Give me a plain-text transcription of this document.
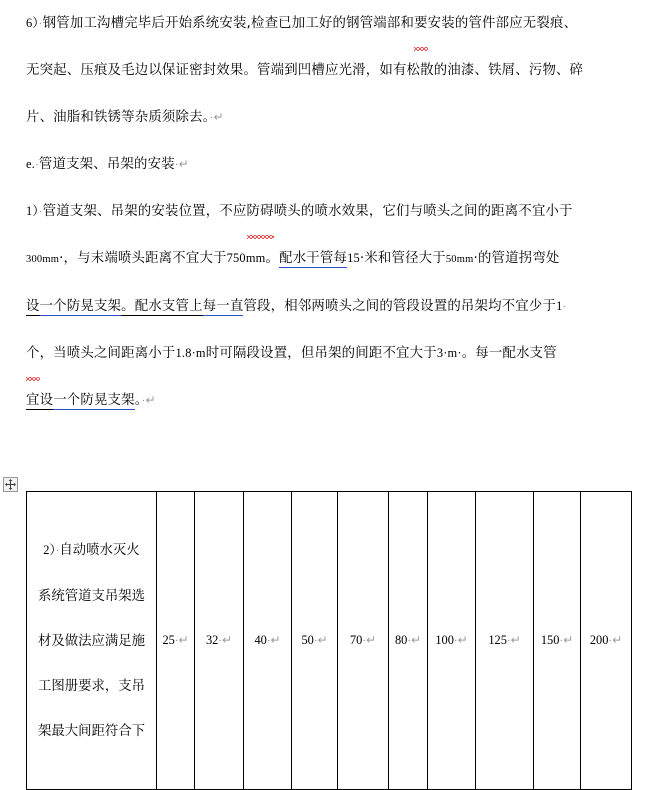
6）·钢管加工沟槽完毕后开始系统安装,检查已加工好的钢管端部和要安装的管件部应无裂痕、

无突起、压痕及毛边以保证密封效果。管端到凹槽应光滑，如有松散的油漆、铁屑、污物、碎

片、油脂和铁锈等杂质须除去。·↵

e.·管道支架、吊架的安装·↵

1）·管道支架、吊架的安装位置，不应防碍喷头的喷水效果，它们与喷头之间的距离不宜小于

300mm·，与末端喷头距离不宜大于750mm。配水干管每15·米和管径大于50mm·的管道拐弯处

设一个防晃支架。配水支管上每一直管段，相邻两喷头之间的管段设置的吊架均不宜少于1·

个，当喷头之间距离小于1.8·m时可隔段设置，但吊架的间距不宜大于3·m·。每一配水支管

宜设一个防晃支架。·↵

2）·自动喷水灭火
系统管道支吊架选
材及做法应满足施
工图册要求，支吊
架最大间距符合下
	25·↵	32·↵	40·↵	50·↵	70·↵	80·↵	100·↵	125·↵	150·↵	200·↵
